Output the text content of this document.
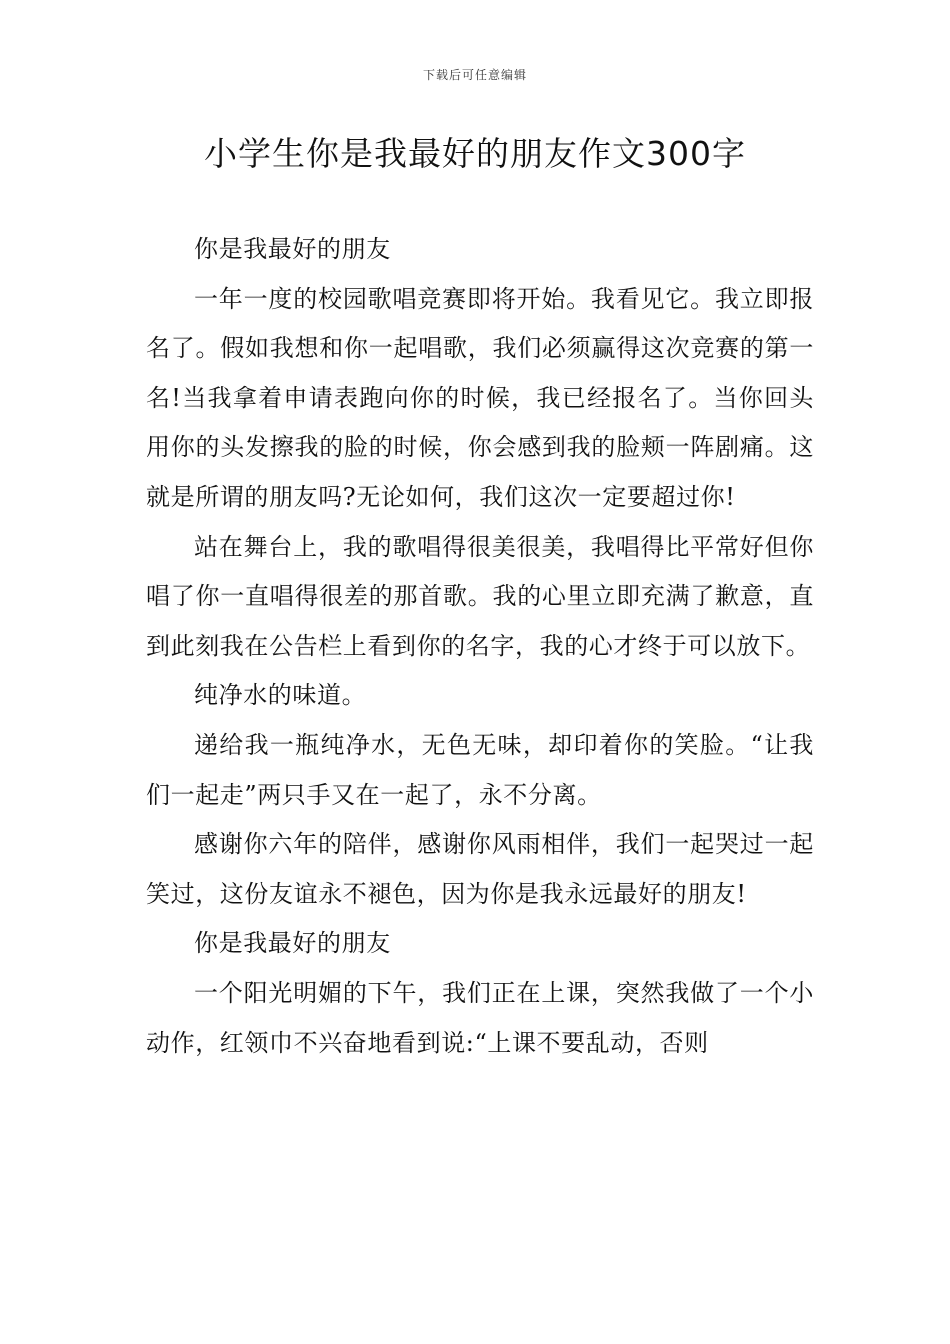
下载后可任意编辑
小学生你是我最好的朋友作文300字

你是我最好的朋友

一年一度的校园歌唱竞赛即将开始。我看见它。我立即报名了。假如我想和你一起唱歌，我们必须赢得这次竞赛的第一名!当我拿着申请表跑向你的时候，我已经报名了。当你回头用你的头发擦我的脸的时候，你会感到我的脸颊一阵剧痛。这就是所谓的朋友吗?无论如何，我们这次一定要超过你!

站在舞台上，我的歌唱得很美很美，我唱得比平常好但你唱了你一直唱得很差的那首歌。我的心里立即充满了歉意，直到此刻我在公告栏上看到你的名字，我的心才终于可以放下。

纯净水的味道。

递给我一瓶纯净水，无色无味，却印着你的笑脸。“让我们一起走”两只手又在一起了，永不分离。

感谢你六年的陪伴，感谢你风雨相伴，我们一起哭过一起笑过，这份友谊永不褪色，因为你是我永远最好的朋友!

你是我最好的朋友

一个阳光明媚的下午，我们正在上课，突然我做了一个小动作，红领巾不兴奋地看到说:“上课不要乱动，否则
